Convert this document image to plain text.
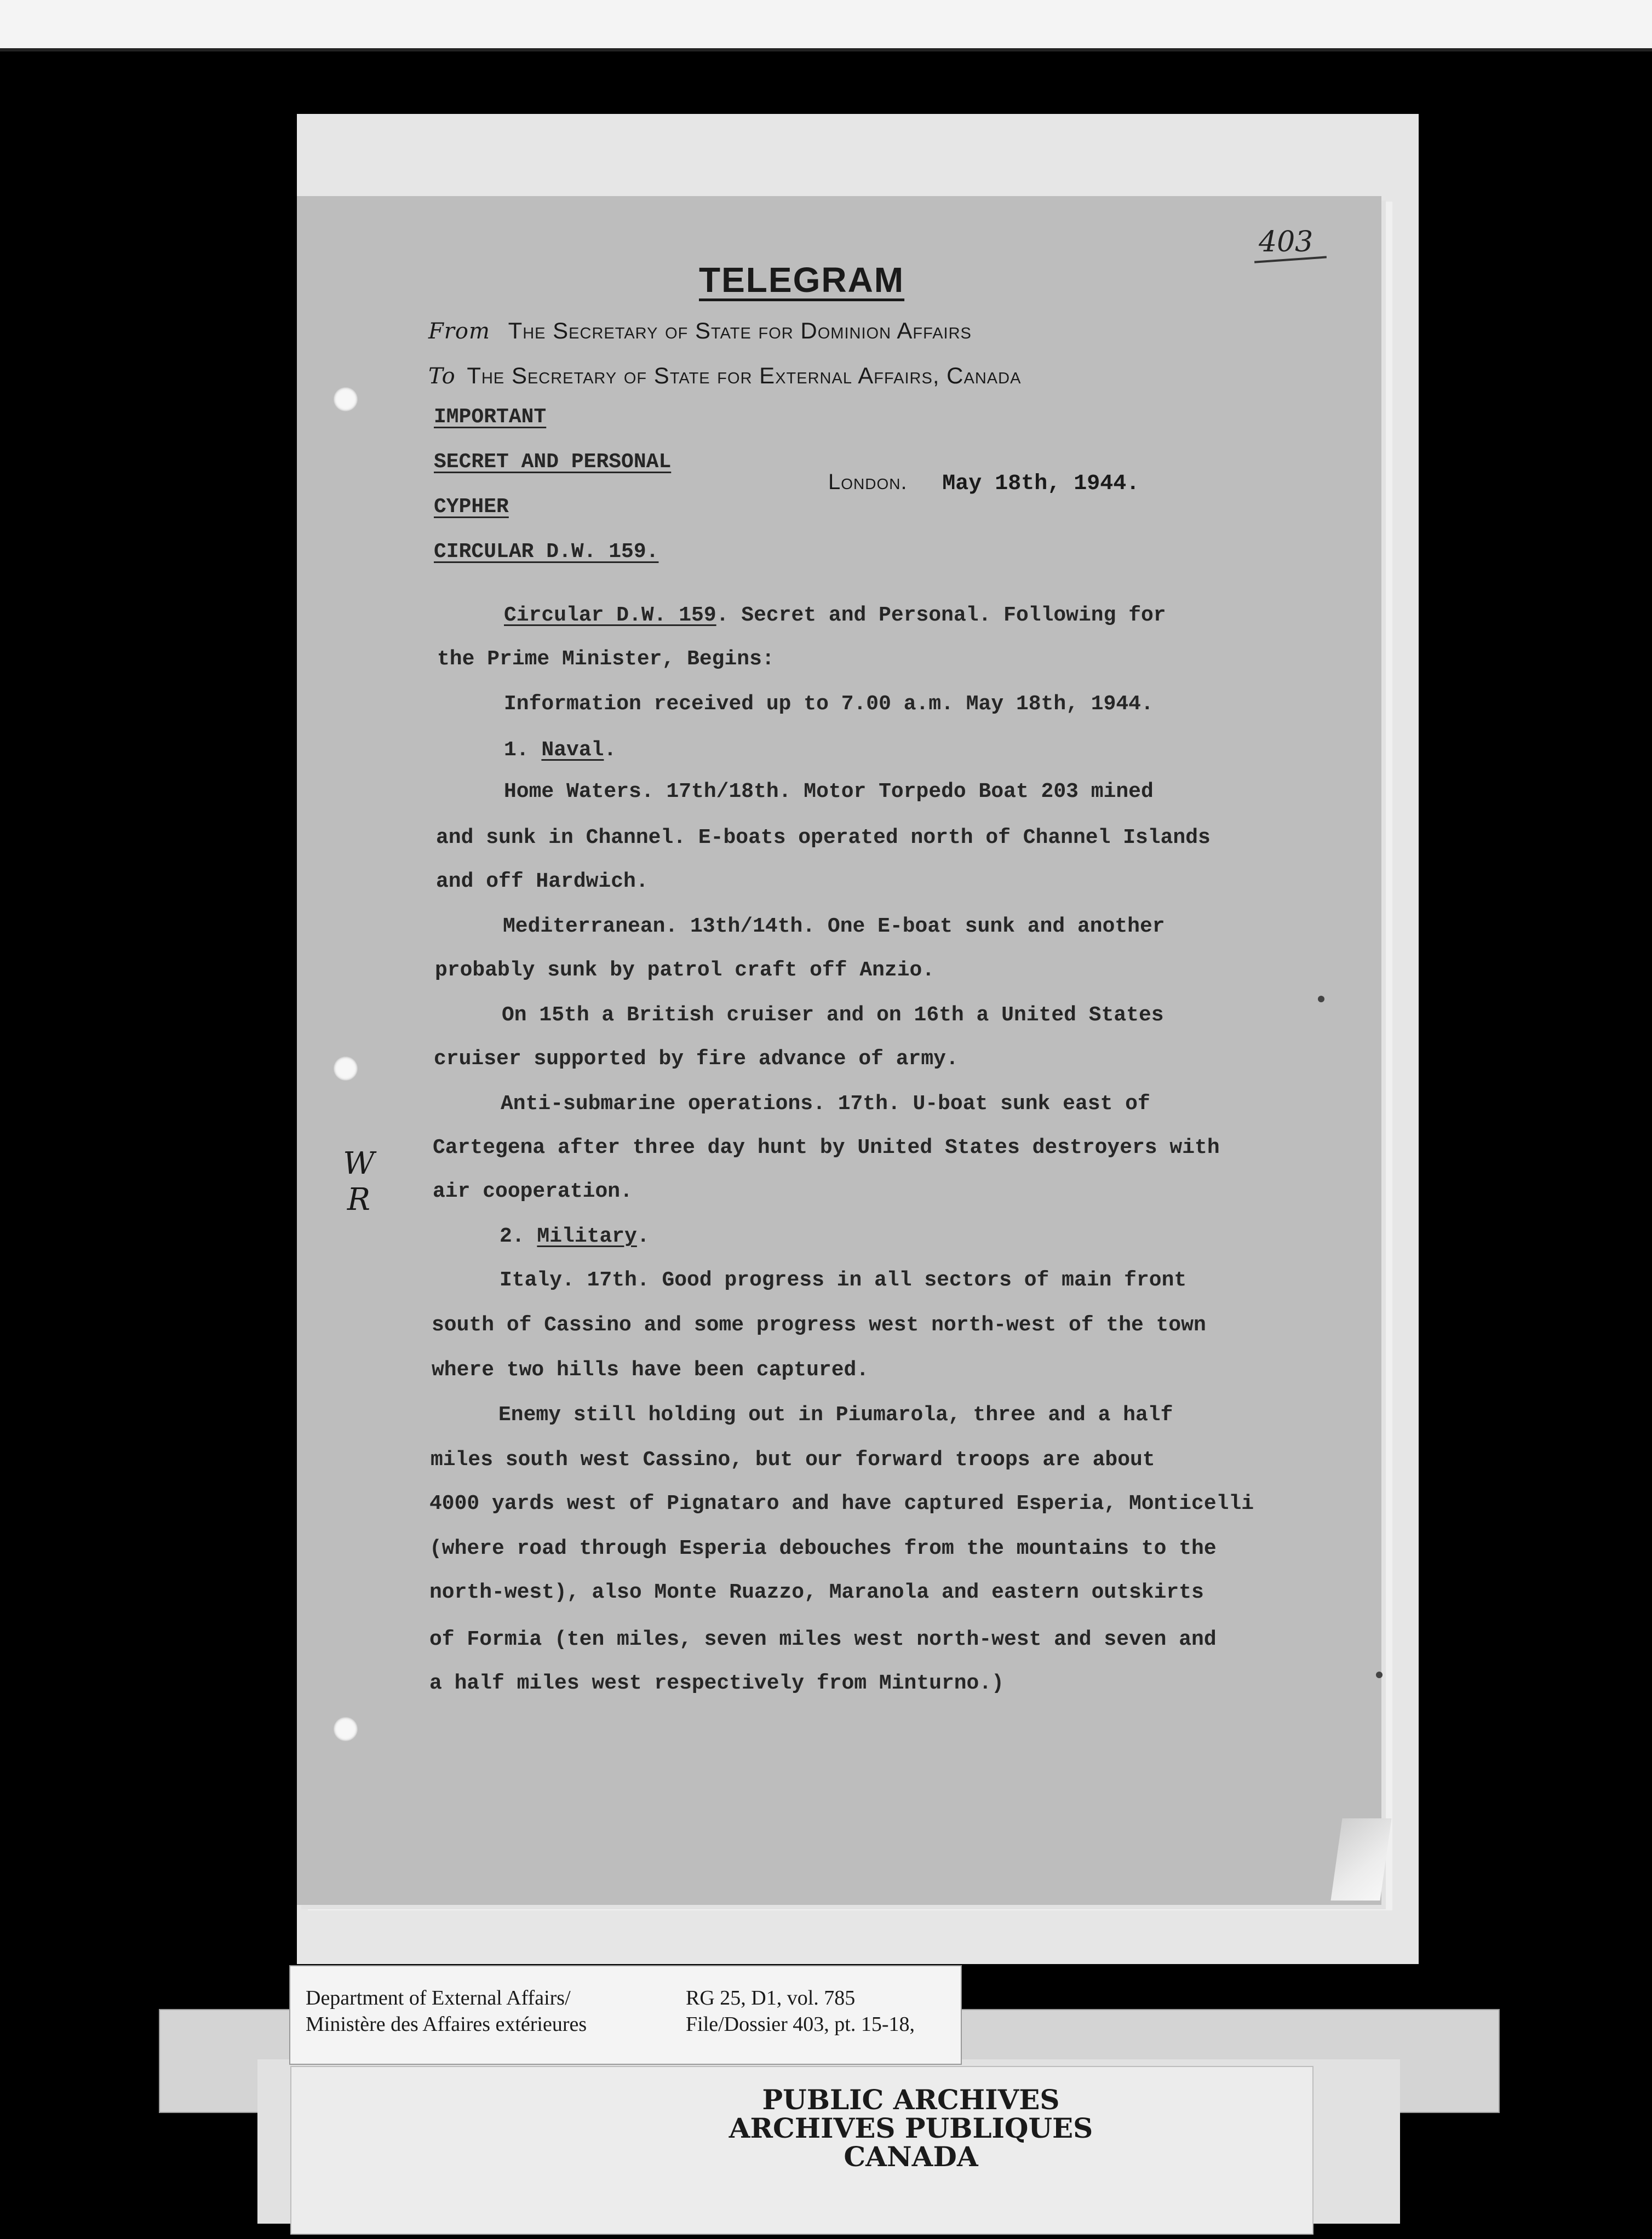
403
TELEGRAM
From The Secretary of State for Dominion Affairs
To The Secretary of State for External Affairs, Canada
IMPORTANT
SECRET AND PERSONAL
CYPHER
CIRCULAR D.W. 159.
London. May 18th, 1944.
Circular D.W. 159. Secret and Personal. Following for
the Prime Minister, Begins:
Information received up to 7.00 a.m. May 18th, 1944.
1. Naval.
Home Waters. 17th/18th. Motor Torpedo Boat 203 mined
and sunk in Channel. E-boats operated north of Channel Islands
and off Hardwich.
Mediterranean. 13th/14th. One E-boat sunk and another
probably sunk by patrol craft off Anzio.
On 15th a British cruiser and on 16th a United States
cruiser supported by fire advance of army.
Anti-submarine operations. 17th. U-boat sunk east of
Cartegena after three day hunt by United States destroyers with
air cooperation.
2. Military.
Italy. 17th. Good progress in all sectors of main front
south of Cassino and some progress west north-west of the town
where two hills have been captured.
Enemy still holding out in Piumarola, three and a half
miles south west Cassino, but our forward troops are about
4000 yards west of Pignataro and have captured Esperia, Monticelli
(where road through Esperia debouches from the mountains to the
north-west), also Monte Ruazzo, Maranola and eastern outskirts
of Formia (ten miles, seven miles west north-west and seven and
a half miles west respectively from Minturno.)
W
R
PUBLIC ARCHIVES
ARCHIVES PUBLIQUES
CANADA
Department of External Affairs/
Ministère des Affaires extérieures
RG 25, D1, vol. 785
File/Dossier 403, pt. 15-18,
